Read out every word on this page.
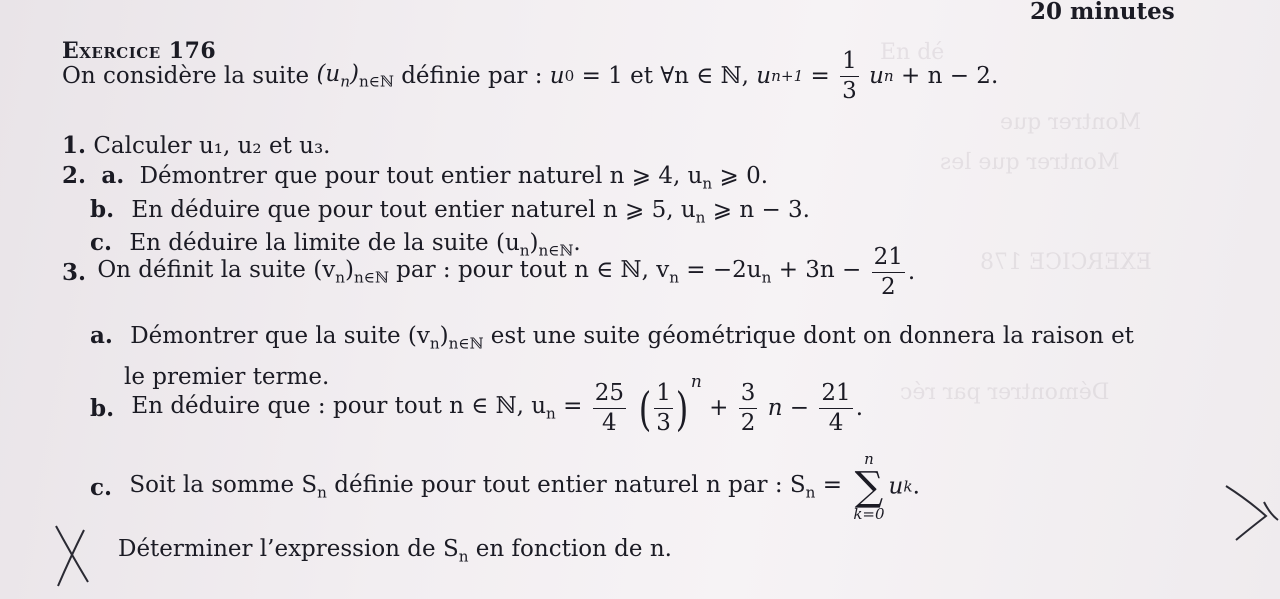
En dé
Montrer que
Montrer que les
EXERCICE 178
Démontrer par réc
20 minutes
Exercice 176
On considère la suite $(u_n)_{n\in ℕ}$ définie par : u0 = 1 et ∀n ∈ ℕ, $un+1 = \frac{1}{3}$ un + n − 2.
1. Calculer u₁, u₂ et u₃.
2. a. Démontrer que pour tout entier naturel n ⩾ 4, $u_n$ ⩾ 0.
b. En déduire que pour tout entier naturel n ⩾ 5, $u_n$ ⩾ n − 3.
c. En déduire la limite de la suite $(u_n)_{n\in ℕ}$.
3. On définit la suite $(v_n)_{n\in ℕ}$ par : pour tout n ∈ ℕ, $v_n = -2u_n + 3n - \frac{21}{2}$ .
a. Démontrer que la suite $(v_n)_{n\in ℕ}$ est une suite géométrique dont on donnera la raison et
le premier terme.
b. En déduire que : pour tout n ∈ ℕ, $u_n = \frac{25}{4}$ ( $\frac{1}{3}$ ) $^n + \frac{3}{2}$ $n - \frac{21}{4}$ .
c. Soit la somme $S_n$ définie pour tout entier naturel n par : $S_n$ =
n
∑
k=0
uk.
Déterminer l’expression de $S_n$ en fonction de n.
